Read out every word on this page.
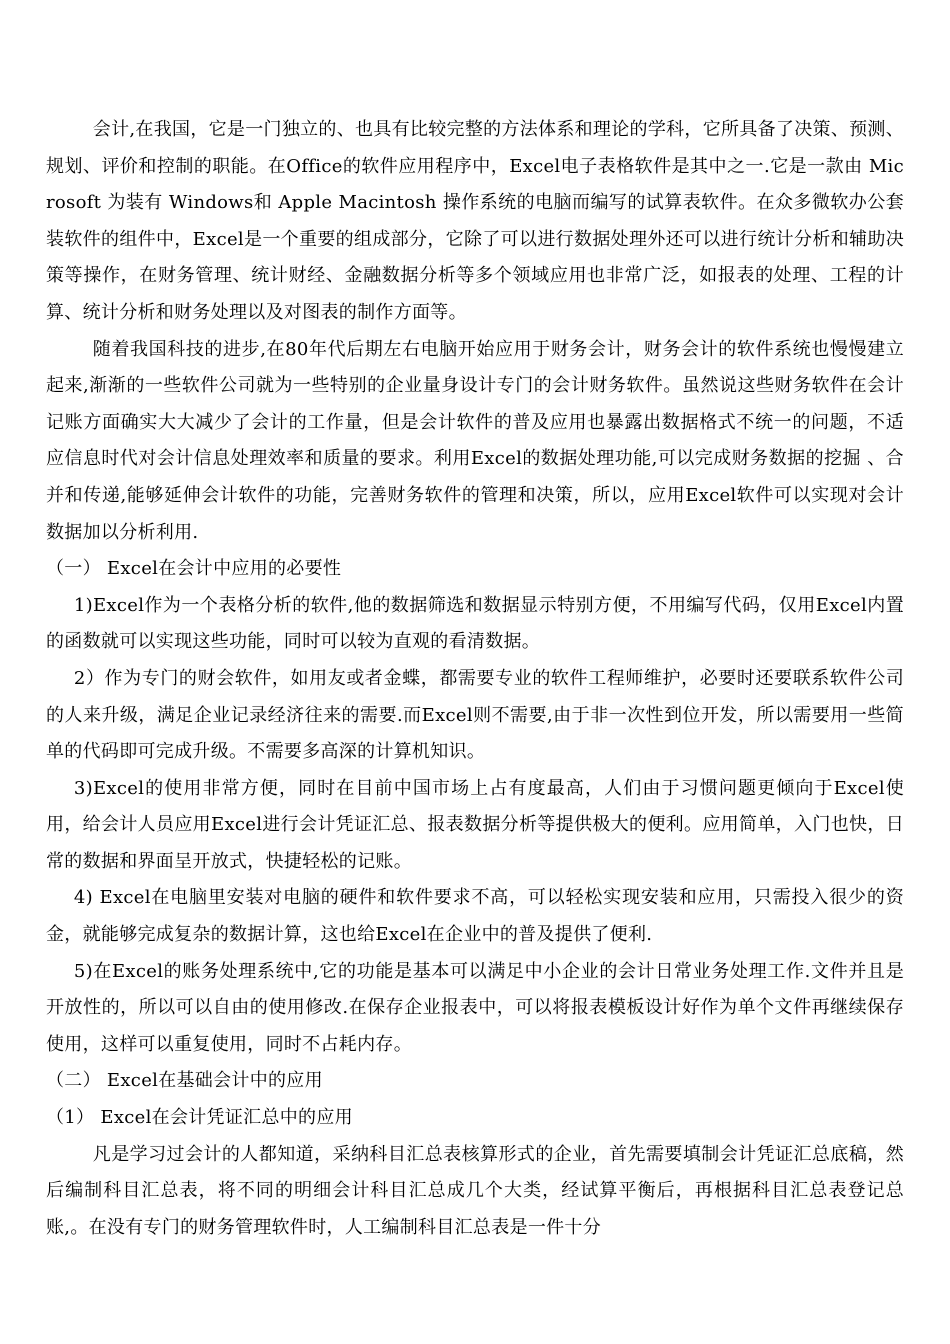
会计,在我国，它是一门独立的、也具有比较完整的方法体系和理论的学科，它所具备了决策、预测、规划、评价和控制的职能。在Office的软件应用程序中，Excel电子表格软件是其中之一.它是一款由 Microsoft 为装有 Windows和 Apple Macintosh 操作系统的电脑而编写的试算表软件。在众多微软办公套装软件的组件中，Excel是一个重要的组成部分，它除了可以进行数据处理外还可以进行统计分析和辅助决策等操作，在财务管理、统计财经、金融数据分析等多个领域应用也非常广泛，如报表的处理、工程的计算、统计分析和财务处理以及对图表的制作方面等。

随着我国科技的进步,在80年代后期左右电脑开始应用于财务会计，财务会计的软件系统也慢慢建立起来,渐渐的一些软件公司就为一些特别的企业量身设计专门的会计财务软件。虽然说这些财务软件在会计记账方面确实大大减少了会计的工作量，但是会计软件的普及应用也暴露出数据格式不统一的问题，不适应信息时代对会计信息处理效率和质量的要求。利用Excel的数据处理功能,可以完成财务数据的挖掘 、合并和传递,能够延伸会计软件的功能，完善财务软件的管理和决策，所以，应用Excel软件可以实现对会计数据加以分析利用.

（一） Excel在会计中应用的必要性

1)Excel作为一个表格分析的软件,他的数据筛选和数据显示特别方便，不用编写代码，仅用Excel内置的函数就可以实现这些功能，同时可以较为直观的看清数据。

2）作为专门的财会软件，如用友或者金蝶，都需要专业的软件工程师维护，必要时还要联系软件公司的人来升级，满足企业记录经济往来的需要.而Excel则不需要,由于非一次性到位开发，所以需要用一些简单的代码即可完成升级。不需要多高深的计算机知识。

3)Excel的使用非常方便，同时在目前中国市场上占有度最高，人们由于习惯问题更倾向于Excel使用，给会计人员应用Excel进行会计凭证汇总、报表数据分析等提供极大的便利。应用简单，入门也快，日常的数据和界面呈开放式，快捷轻松的记账。

4) Excel在电脑里安装对电脑的硬件和软件要求不高，可以轻松实现安装和应用，只需投入很少的资金，就能够完成复杂的数据计算，这也给Excel在企业中的普及提供了便利.

5)在Excel的账务处理系统中,它的功能是基本可以满足中小企业的会计日常业务处理工作.文件并且是开放性的，所以可以自由的使用修改.在保存企业报表中，可以将报表模板设计好作为单个文件再继续保存使用，这样可以重复使用，同时不占耗内存。

（二） Excel在基础会计中的应用

（1） Excel在会计凭证汇总中的应用

凡是学习过会计的人都知道，采纳科目汇总表核算形式的企业，首先需要填制会计凭证汇总底稿，然后编制科目汇总表，将不同的明细会计科目汇总成几个大类，经试算平衡后，再根据科目汇总表登记总账,。在没有专门的财务管理软件时，人工编制科目汇总表是一件十分
